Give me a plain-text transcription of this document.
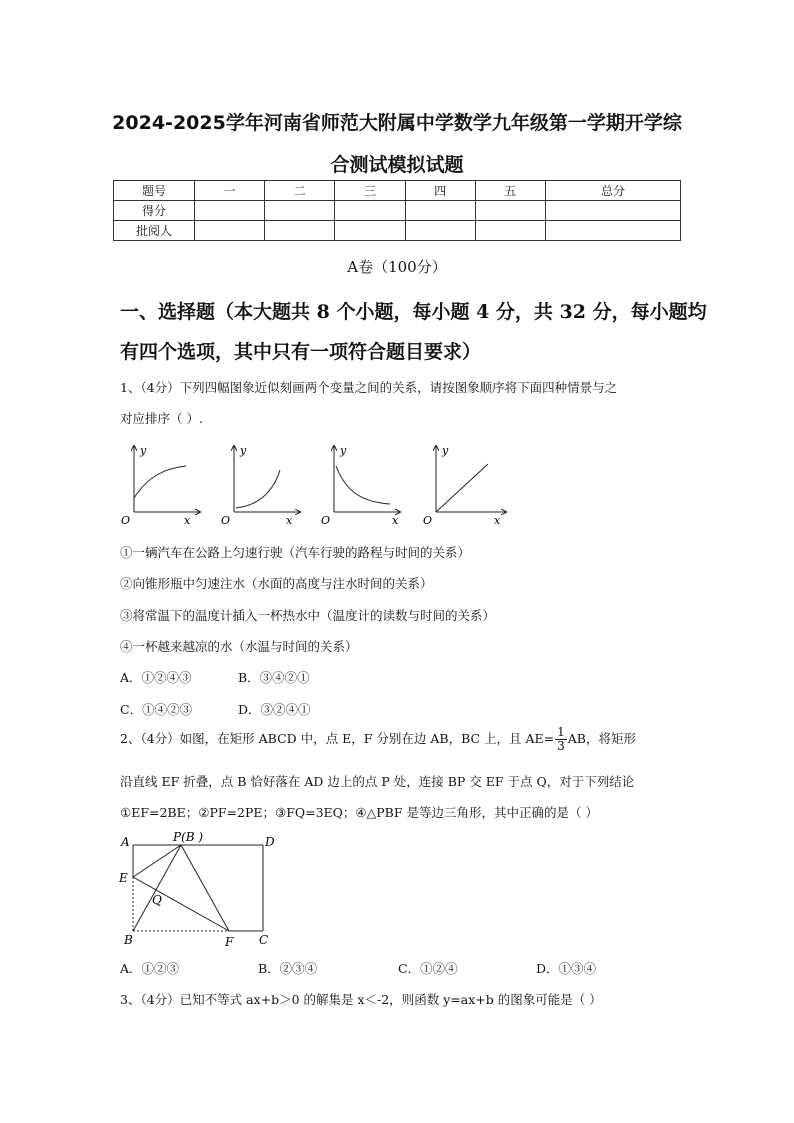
2024-2025学年河南省师范大附属中学数学九年级第一学期开学综
合测试模拟试题
题号	一	二	三	四	五	总分
得分						
批阅人						
A卷（100分）
一、选择题（本大题共 8 个小题，每小题 4 分，共 32 分，每小题均
有四个选项，其中只有一项符合题目要求）
1、（4分）下列四幅图象近似刻画两个变量之间的关系，请按图象顺序将下面四种情景与之
对应排序（ ）.
y
x
O
y
x
O
y
x
O
y
x
O
①一辆汽车在公路上匀速行驶（汽车行驶的路程与时间的关系）
②向锥形瓶中匀速注水（水面的高度与注水时间的关系）
③将常温下的温度计插入一杯热水中（温度计的读数与时间的关系）
④一杯越来越凉的水（水温与时间的关系）
A．①②④③	B．③④②①
C．①④②③	D．③②④①
2、（4分）如图，在矩形 ABCD 中，点 E，F 分别在边 AB，BC 上，且 $AE= \frac{1}{3}$ AB，将矩形
沿直线 EF 折叠，点 B 恰好落在 AD 边上的点 P 处，连接 BP 交 EF 于点 Q，对于下列结论
①EF=2BE；②PF=2PE；③FQ=3EQ；④△PBF 是等边三角形，其中正确的是（ ）
A	P(B )	D
E
Q
B	F C
A．①②③	B．②③④	C．①②④	D．①③④
3、（4分）已知不等式 ax+b＞0 的解集是 x＜-2，则函数 y=ax+b 的图象可能是（ ）
